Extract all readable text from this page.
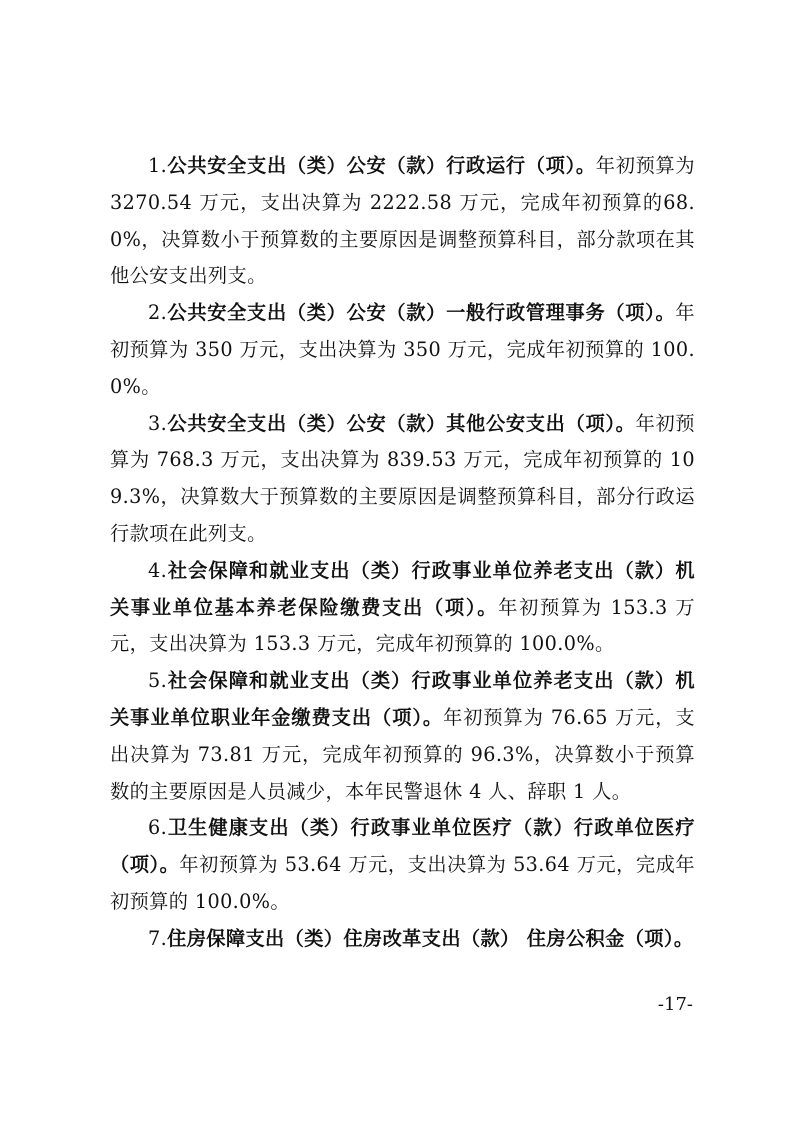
1.公共安全支出（类）公安（款）行政运行（项）。年初预算为 3270.54 万元，支出决算为 2222.58 万元，完成年初预算的68.0%，决算数小于预算数的主要原因是调整预算科目，部分款项在其他公安支出列支。

2.公共安全支出（类）公安（款）一般行政管理事务（项）。年初预算为 350 万元，支出决算为 350 万元，完成年初预算的 100.0%。

3.公共安全支出（类）公安（款）其他公安支出（项）。年初预算为 768.3 万元，支出决算为 839.53 万元，完成年初预算的 109.3%，决算数大于预算数的主要原因是调整预算科目，部分行政运行款项在此列支。

4.社会保障和就业支出（类）行政事业单位养老支出（款）机关事业单位基本养老保险缴费支出（项）。年初预算为 153.3 万元，支出决算为 153.3 万元，完成年初预算的 100.0%。

5.社会保障和就业支出（类）行政事业单位养老支出（款）机关事业单位职业年金缴费支出（项）。年初预算为 76.65 万元，支出决算为 73.81 万元，完成年初预算的 96.3%，决算数小于预算数的主要原因是人员减少，本年民警退休 4 人、辞职 1 人。

6.卫生健康支出（类）行政事业单位医疗（款）行政单位医疗（项）。年初预算为 53.64 万元，支出决算为 53.64 万元，完成年初预算的 100.0%。

7.住房保障支出（类）住房改革支出（款） 住房公积金（项）。

-17-
